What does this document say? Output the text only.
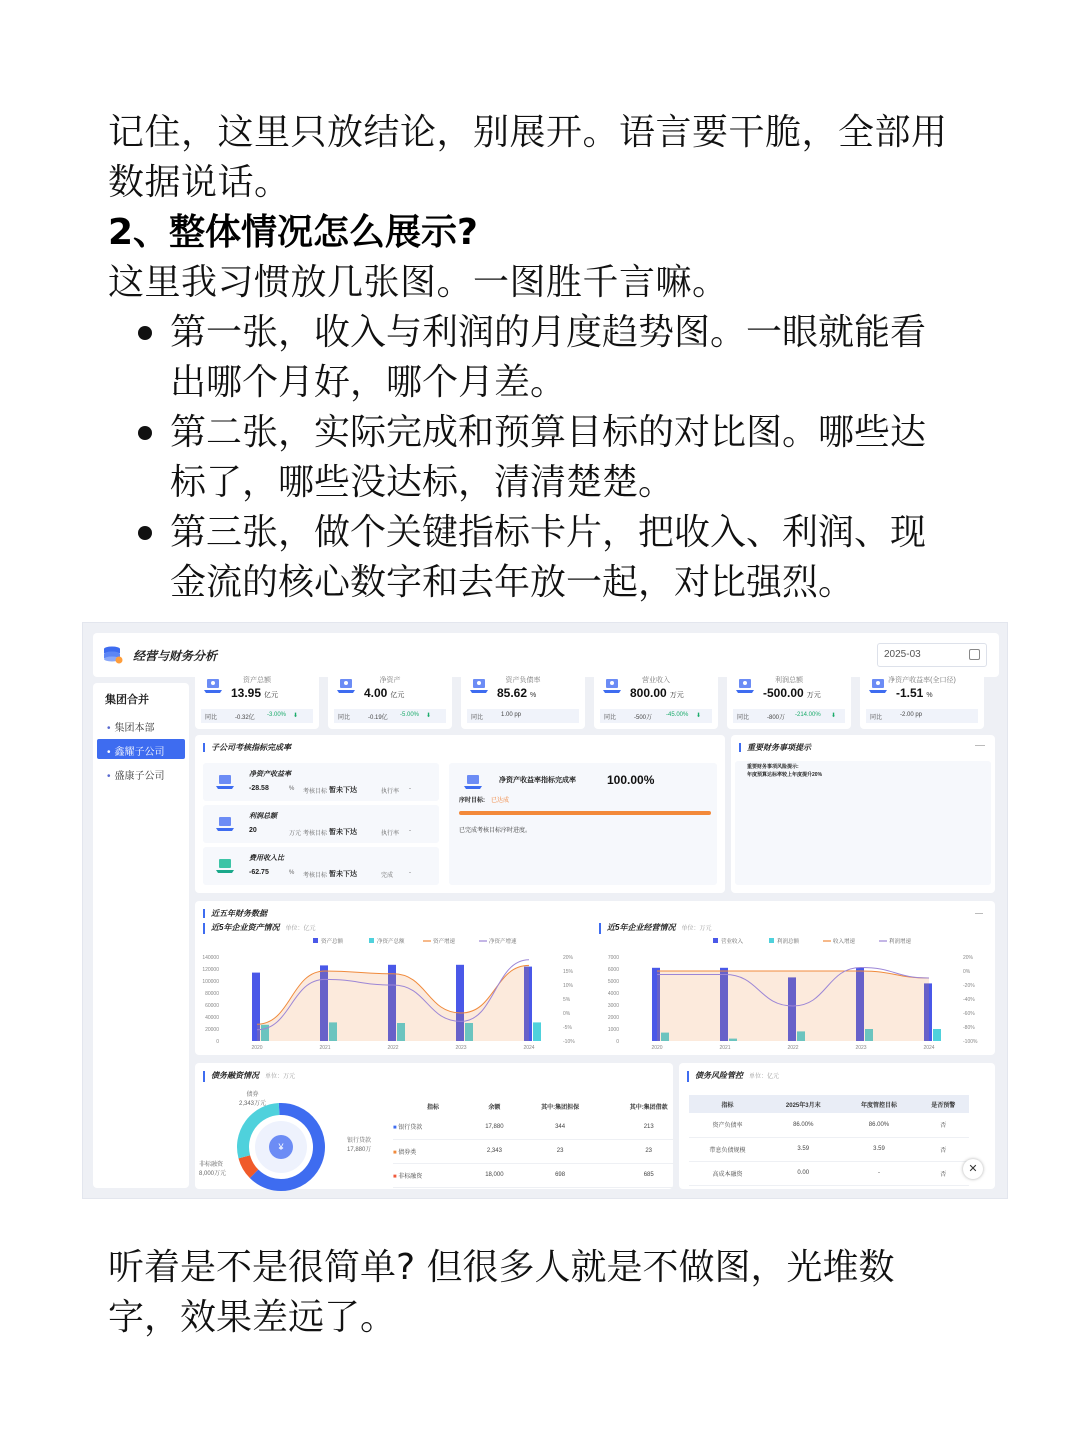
记住，这里只放结论，别展开。语言要干脆，全部用数据说话。
2、整体情况怎么展示?
这里我习惯放几张图。一图胜千言嘛。
第一张，收入与利润的月度趋势图。一眼就能看出哪个月好，哪个月差。
第二张，实际完成和预算目标的对比图。哪些达标了，哪些没达标，清清楚楚。
第三张，做个关键指标卡片，把收入、利润、现金流的核心数字和去年放一起，对比强烈。
经营与财务分析	2025-03
集团合并
• 集团本部
• 鑫耀子公司
• 盛康子公司
资产总额
13.95 亿元
同比	-0.32亿 -3.00% ⬇
净资产
4.00 亿元
同比	-0.19亿 -5.00% ⬇
资产负债率
85.62 %
同比	1.00 pp
营业收入
800.00 万元
同比	-500万 -45.00% ⬇
利润总额
-500.00 万元
同比	-800万 -214.00% ⬇
净资产收益率(全口径)
-1.51 %
同比	-2.00 pp
子公司考核指标完成率
净资产收益率
-28.58	% 考核目标 暂未下达	执行率 -
利润总额
20	万元 考核目标 暂未下达	执行率 -
费用收入比
-62.75	% 考核目标 暂未下达	完成	-
净资产收益率指标完成率	100.00%
序时目标: 已达成
已完成考核目标序时进度。
重要财务事项提示
重要财务事项风险提示:
年度预算达标率较上年度提升20%
近五年财务数据
近5年企业资产情况 单位：亿元	近5年企业经营情况 单位：万元
资产总额	净资产总额	资产增速	净资产增速
140000
120000
100000
80000
60000
40000
20000
0
20%
15%
10%
5%
0%
-5%
-10%
2020	2021	2022	2023	2024
营业收入	利润总额	收入增速	利润增速
7000
6000
5000
4000
3000
2000
1000
0
20%
0%
-20%
-40%
-60%
-80%
-100%
2020	2021	2022	2023	2024
债务融资情况 单位：万元
¥
债券
2,343万元
银行贷款
17,880万
非标融资
8,000万元
指标	余额	其中:集团担保	其中:集团借款
■ 银行贷款	17,880	344	213
■ 债券类	2,343	23	23
■ 非标融资	18,000	698	685
债务风险管控 单位：亿元
指标	2025年3月末	年度管控目标	是否预警
资产负债率	86.00%	86.00%	否
带息负债规模	3.59	3.59	否
高成本融资	0.00	-	否	✕
听着是不是很简单? 但很多人就是不做图，光堆数字，效果差远了。
